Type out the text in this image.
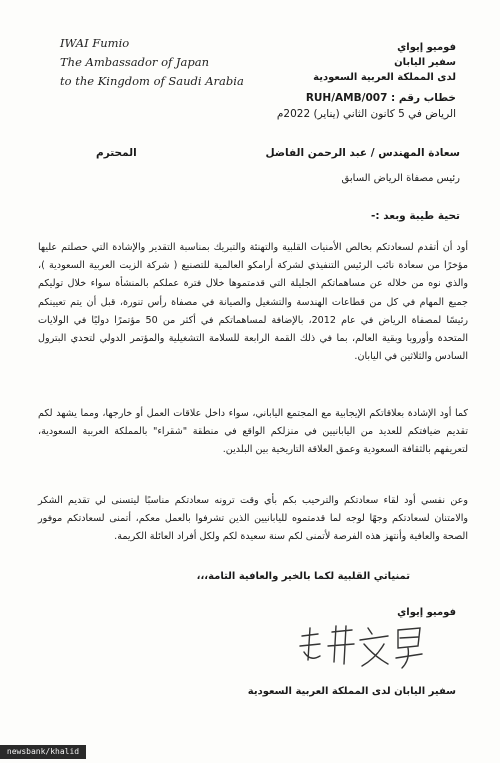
IWAI Fumio
The Ambassador of Japan
to the Kingdom of Saudi Arabia
فوميو إيواي
سفير اليابان
لدى المملكة العربية السعودية
خطاب رقم : RUH/AMB/007
الرياض في 5 كانون الثاني (يناير) 2022م
سعادة المهندس / عبد الرحمن الفاضل
المحترم
رئيس مصفاة الرياض السابق
تحية طيبة وبعد :-
أود أن أتقدم لسعادتكم بخالص الأمنيات القلبية والتهنئة والتبريك بمناسبة التقدير والإشادة التي حصلتم عليها مؤخرًا من سعادة نائب الرئيس التنفيذي لشركة أرامكو العالمية للتصنيع ( شركة الزيت العربية السعودية )، والذي نوه من خلاله عن مساهماتكم الجليلة التي قدمتموها خلال فترة عملكم بالمنشأة سواء خلال توليكم جميع المهام في كل من قطاعات الهندسة والتشغيل والصيانة في مصفاة رأس تنورة، قبل أن يتم تعيينكم رئيسًا لمصفاة الرياض في عام 2012، بالإضافة لمساهماتكم في أكثر من 50 مؤتمرًا دوليًا في الولايات المتحدة وأوروبا وبقية العالم، بما في ذلك القمة الرابعة للسلامة التشغيلية والمؤتمر الدولي لتحدي البترول السادس والثلاثين في اليابان.
كما أود الإشادة بعلاقاتكم الإيجابية مع المجتمع الياباني، سواء داخل علاقات العمل أو خارجها، ومما يشهد لكم تقديم ضيافتكم للعديد من اليابانيين في منزلكم الواقع في منطقة "شقراء" بالمملكة العربية السعودية، لتعريفهم بالثقافة السعودية وعمق العلاقة التاريخية بين البلدين.
وعن نفسي أود لقاء سعادتكم والترحيب بكم بأي وقت ترونه سعادتكم مناسبًا ليتسنى لي تقديم الشكر والامتنان لسعادتكم وجهًا لوجه لما قدمتموه لليابانيين الذين تشرفوا بالعمل معكم، أتمنى لسعادتكم موفور الصحة والعافية وأنتهز هذه الفرصة لأتمنى لكم سنة سعيدة لكم ولكل أفراد العائلة الكريمة.
تمنياتي القلبية لكما بالخير والعافية التامة،،،
فوميو إيواي
سفير اليابان لدى المملكة العربية السعودية
newsbank/khalid
